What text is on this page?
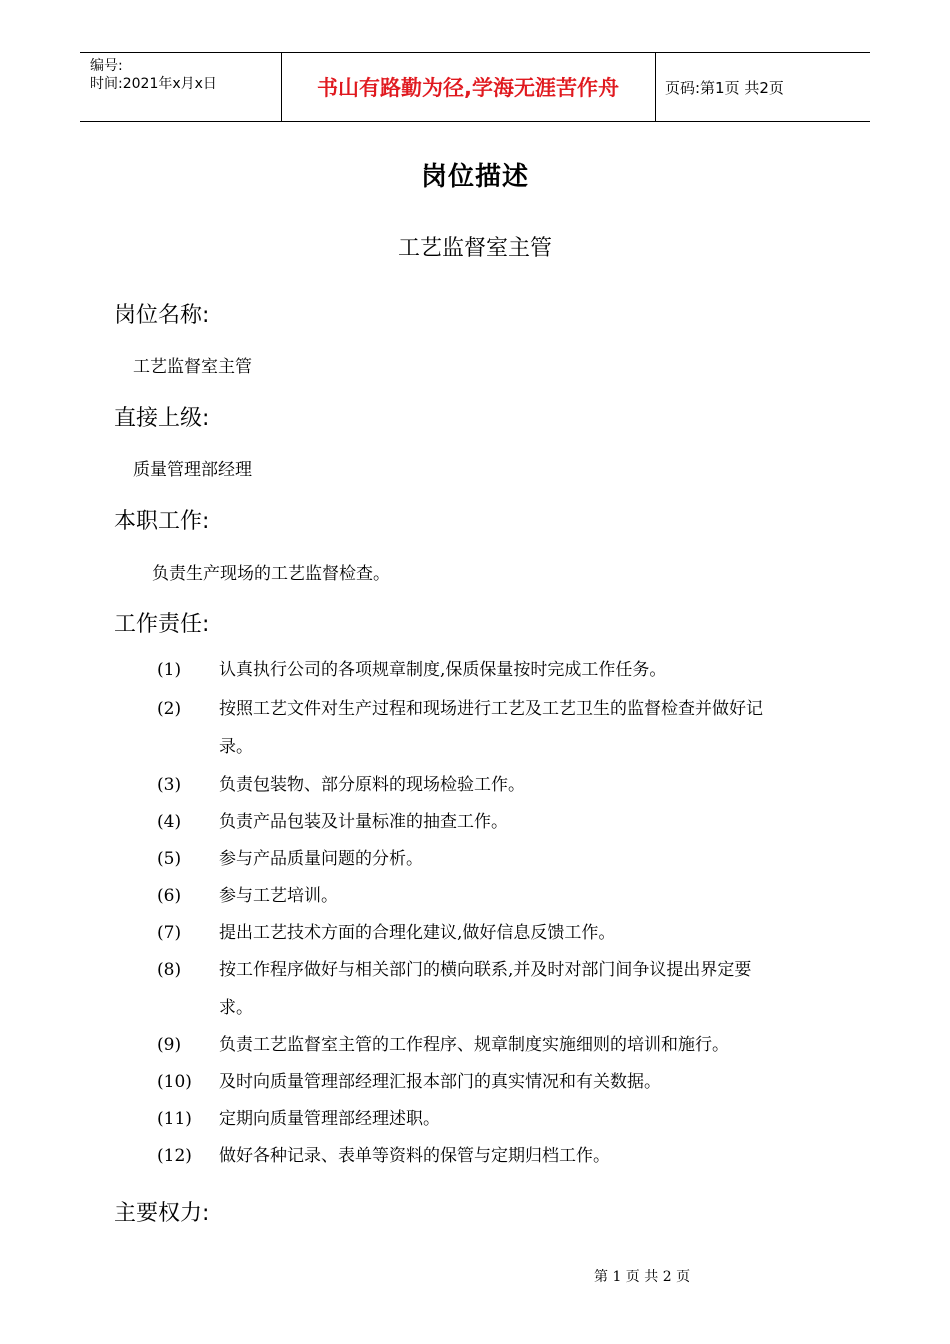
编号:
时间:2021年x月x日	书山有路勤为径,学海无涯苦作舟	页码:第1页 共2页
岗位描述
工艺监督室主管
岗位名称:
工艺监督室主管
直接上级:
质量管理部经理
本职工作:
负责生产现场的工艺监督检查。
工作责任:
(1)	认真执行公司的各项规章制度,保质保量按时完成工作任务。
(2)	按照工艺文件对生产过程和现场进行工艺及工艺卫生的监督检查并做好记
录。
(3)	负责包装物、部分原料的现场检验工作。
(4)	负责产品包装及计量标准的抽查工作。
(5)	参与产品质量问题的分析。
(6)	参与工艺培训。
(7)	提出工艺技术方面的合理化建议,做好信息反馈工作。
(8)	按工作程序做好与相关部门的横向联系,并及时对部门间争议提出界定要
求。
(9)	负责工艺监督室主管的工作程序、规章制度实施细则的培训和施行。
(10)	及时向质量管理部经理汇报本部门的真实情况和有关数据。
(11)	定期向质量管理部经理述职。
(12)	做好各种记录、表单等资料的保管与定期归档工作。
主要权力:
第 1 页 共 2 页
